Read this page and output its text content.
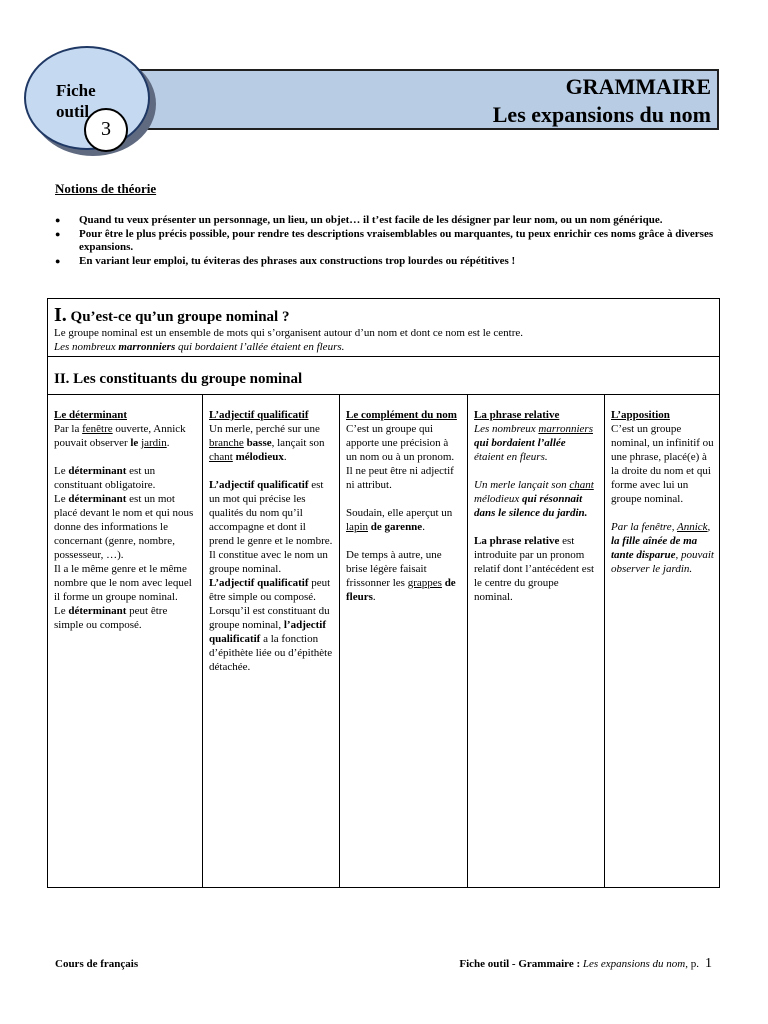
GRAMMAIRE
Les expansions du nom
Fiche outil
3
Notions de théorie
● Quand tu veux présenter un personnage, un lieu, un objet… il t’est facile de les désigner par leur nom, ou un nom générique.
● Pour être le plus précis possible, pour rendre tes descriptions vraisemblables ou marquantes, tu peux enrichir ces noms grâce à diverses expansions.
● En variant leur emploi, tu éviteras des phrases aux constructions trop lourdes ou répétitives !
I. Qu’est-ce qu’un groupe nominal ?
Le groupe nominal est un ensemble de mots qui s’organisent autour d’un nom et dont ce nom est le centre.
Les nombreux marronniers qui bordaient l’allée étaient en fleurs.
II. Les constituants du groupe nominal
Le déterminant

Par la fenêtre ouverte, Annick pouvait observer le jardin.

Le déterminant est un constituant obligatoire.

Le déterminant est un mot placé devant le nom et qui nous donne des informations le concernant (genre, nombre, possesseur, …).

Il a le même genre et le même nombre que le nom avec lequel il forme un groupe nominal.

Le déterminant peut être simple ou composé.

L’adjectif qualificatif

Un merle, perché sur une branche basse, lançait son chant mélodieux.

L’adjectif qualificatif est un mot qui précise les qualités du nom qu’il accompagne et dont il prend le genre et le nombre.

Il constitue avec le nom un groupe nominal.

L’adjectif qualificatif peut être simple ou composé.

Lorsqu’il est constituant du groupe nominal, l’adjectif qualificatif a la fonction d’épithète liée ou d’épithète détachée.

Le complément du nom

C’est un groupe qui apporte une précision à un nom ou à un pronom.

Il ne peut être ni adjectif ni attribut.

Soudain, elle aperçut un lapin de garenne.

De temps à autre, une brise légère faisait frissonner les grappes de fleurs.

La phrase relative

Les nombreux marronniers qui bordaient l’allée étaient en fleurs.

Un merle lançait son chant mélodieux qui résonnait dans le silence du jardin.

La phrase relative est introduite par un pronom relatif dont l’antécédent est le centre du groupe nominal.

L’apposition

C’est un groupe nominal, un infinitif ou une phrase, placé(e) à la droite du nom et qui forme avec lui un groupe nominal.

Par la fenêtre, Annick, la fille aînée de ma tante disparue, pouvait observer le jardin.

Cours de français	Fiche outil - Grammaire : Les expansions du nom, p. 1
